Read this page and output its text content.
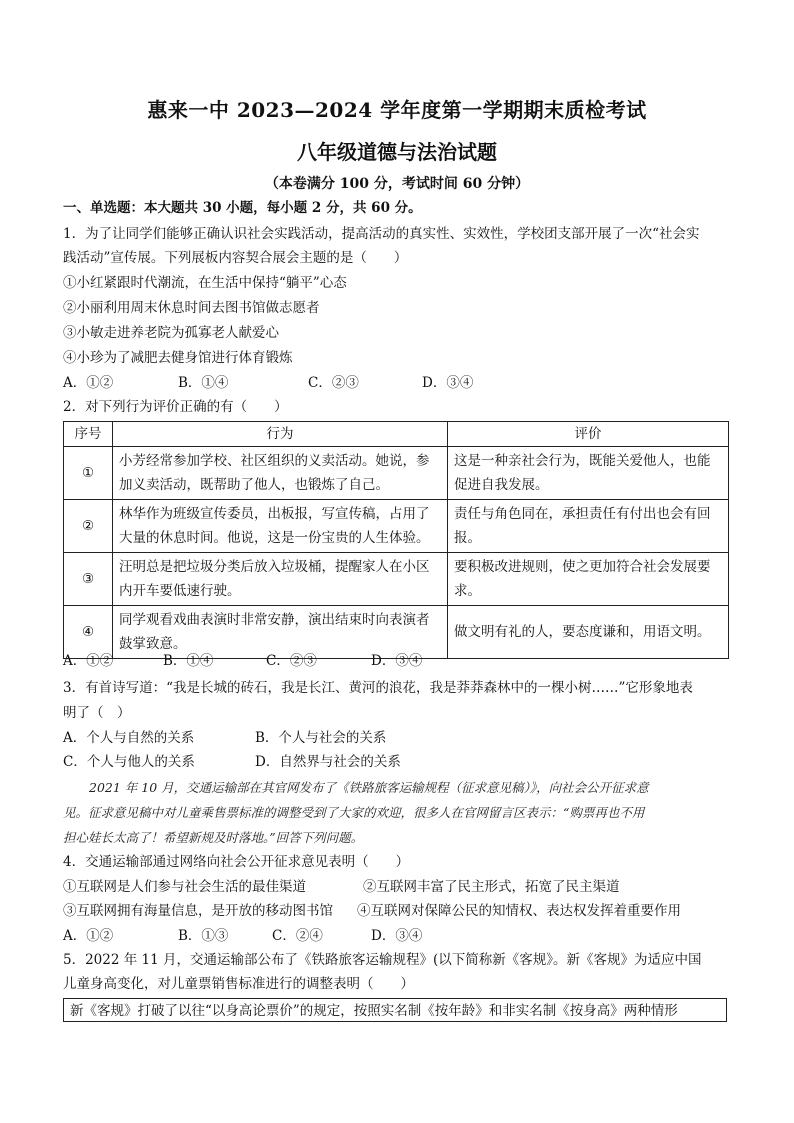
惠来一中 2023—2024 学年度第一学期期末质检考试
八年级道德与法治试题
（本卷满分 100 分，考试时间 60 分钟）
一、单选题：本大题共 30 小题，每小题 2 分，共 60 分。
1．为了让同学们能够正确认识社会实践活动，提高活动的真实性、实效性，学校团支部开展了一次“社会实
践活动”宣传展。下列展板内容契合展会主题的是（　　）
①小红紧跟时代潮流，在生活中保持“躺平”心态
②小丽利用周末休息时间去图书馆做志愿者
③小敏走进养老院为孤寡老人献爱心
④小珍为了减肥去健身馆进行体育锻炼
A．①②	B．①④	C．②③	D．③④
2．对下列行为评价正确的有（　　）
序号	行为	评价
①	小芳经常参加学校、社区组织的义卖活动。她说，参加义卖活动，既帮助了他人，也锻炼了自己。	这是一种亲社会行为，既能关爱他人，也能促进自我发展。
②	林华作为班级宣传委员，出板报，写宣传稿，占用了大量的休息时间。他说，这是一份宝贵的人生体验。	责任与角色同在，承担责任有付出也会有回报。
③	汪明总是把垃圾分类后放入垃圾桶，提醒家人在小区内开车要低速行驶。	要积极改进规则，使之更加符合社会发展要求。
④	同学观看戏曲表演时非常安静，演出结束时向表演者鼓掌致意。	做文明有礼的人，要态度谦和，用语文明。
A．①②	B．①④	C．②③	D．③④
3．有首诗写道：“我是长城的砖石，我是长江、黄河的浪花，我是莽莽森林中的一棵小树……”它形象地表
明了（　）
A．个人与自然的关系	B．个人与社会的关系
C．个人与他人的关系	D．自然界与社会的关系
2021 年 10 月，交通运输部在其官网发布了《铁路旅客运输规程（征求意见稿）》，向社会公开征求意
见。征求意见稿中对儿童乘售票标准的调整受到了大家的欢迎，很多人在官网留言区表示：“购票再也不用
担心娃长太高了！希望新规及时落地。”回答下列问题。
4．交通运输部通过网络向社会公开征求意见表明（　　）
①互联网是人们参与社会生活的最佳渠道	②互联网丰富了民主形式，拓宽了民主渠道
③互联网拥有海量信息，是开放的移动图书馆 ④互联网对保障公民的知情权、表达权发挥着重要作用
A．①②	B．①③	C．②④	D．③④
5．2022 年 11 月，交通运输部公布了《铁路旅客运输规程》(以下简称新《客规》。新《客规》为适应中国
儿童身高变化，对儿童票销售标准进行的调整表明（　　）
新《客规》打破了以往“以身高论票价”的规定，按照实名制《按年龄》和非实名制《按身高》两种情形
